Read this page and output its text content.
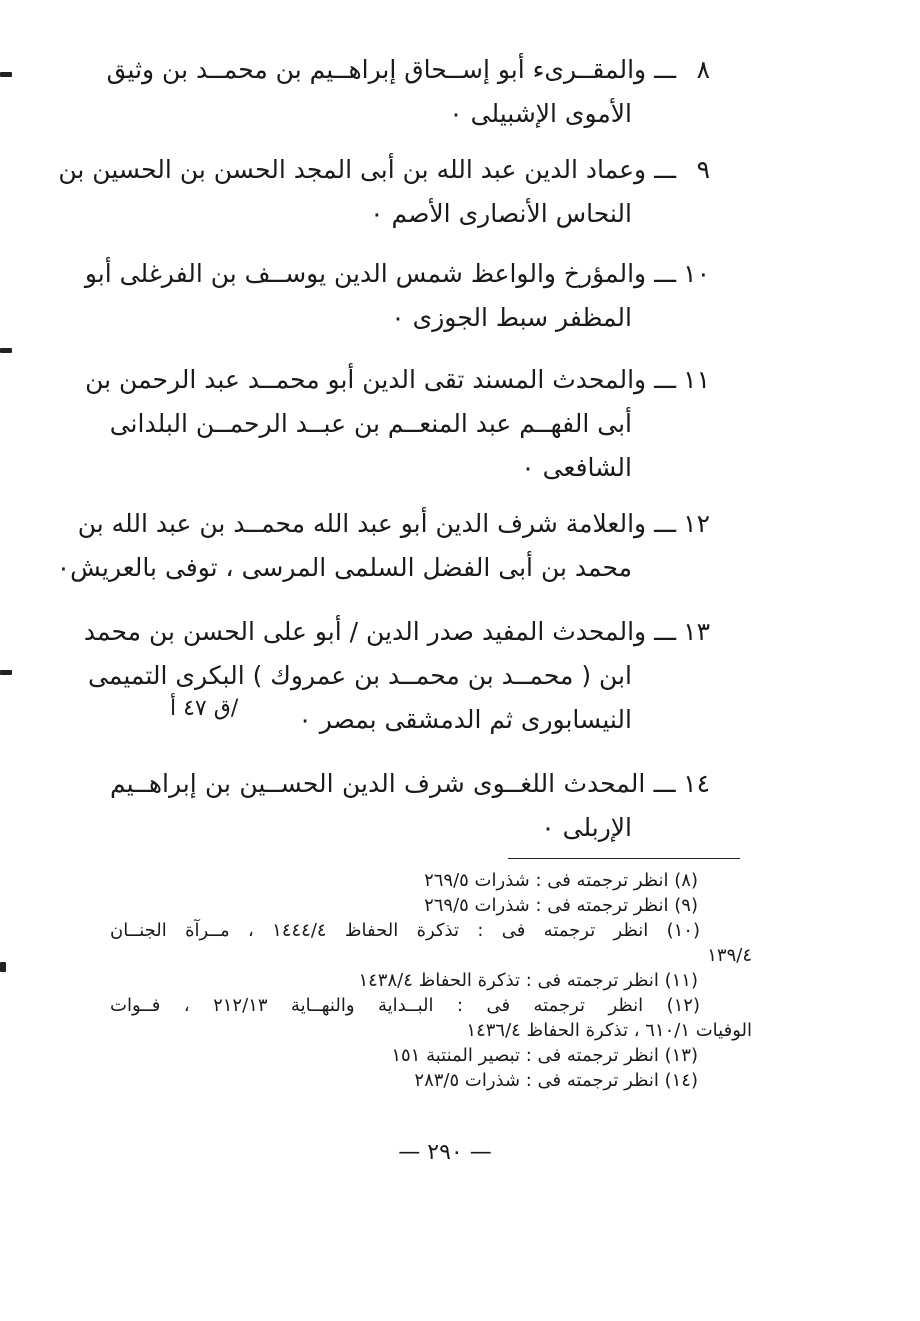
٨ ـــ والمقــرىء أبو إســحاق إبراهــيم بن محمــد بن وثيق
الأموى الإشبيلى ٠
٩ ـــ وعماد الدين عبد الله بن أبى المجد الحسن بن الحسين بن
النحاس الأنصارى الأصم ٠
١٠ ـــ والمؤرخ والواعظ شمس الدين يوســف بن الفرغلى أبو
المظفر سبط الجوزى ٠
١١ ـــ والمحدث المسند تقى الدين أبو محمــد عبد الرحمن بن
أبى الفهــم عبد المنعــم بن عبــد الرحمــن البلدانى
الشافعى ٠
١٢ ـــ والعلامة شرف الدين أبو عبد الله محمــد بن عبد الله بن
محمد بن أبى الفضل السلمى المرسى ، توفى بالعريش٠
١٣ ـــ والمحدث المفيد صدر الدين / أبو على الحسن بن محمد
ابن ( محمــد بن محمــد بن عمروك ) البكرى التميمى
النيسابورى ثم الدمشقى بمصر ٠
/ق ٤٧ أ
١٤ ـــ المحدث اللغــوى شرف الدين الحســين بن إبراهــيم
الإربلى ٠
(٨) انظر ترجمته فى : شذرات ٢٦٩/٥
(٩) انظر ترجمته فى : شذرات ٢٦٩/٥
(١٠) انظر ترجمته فى : تذكرة الحفاظ ١٤٤٤/٤ ، مــرآة الجنــان
١٣٩/٤
(١١) انظر ترجمته فى : تذكرة الحفاظ ١٤٣٨/٤
(١٢) انظر ترجمته فى : البــداية والنهــاية ٢١٢/١٣ ، فــوات
الوفيات ٦١٠/١ ، تذكرة الحفاظ ١٤٣٦/٤
(١٣) انظر ترجمته فى : تبصير المنتبة ١٥١
(١٤) انظر ترجمته فى : شذرات ٢٨٣/٥
— ٢٩٠ —
